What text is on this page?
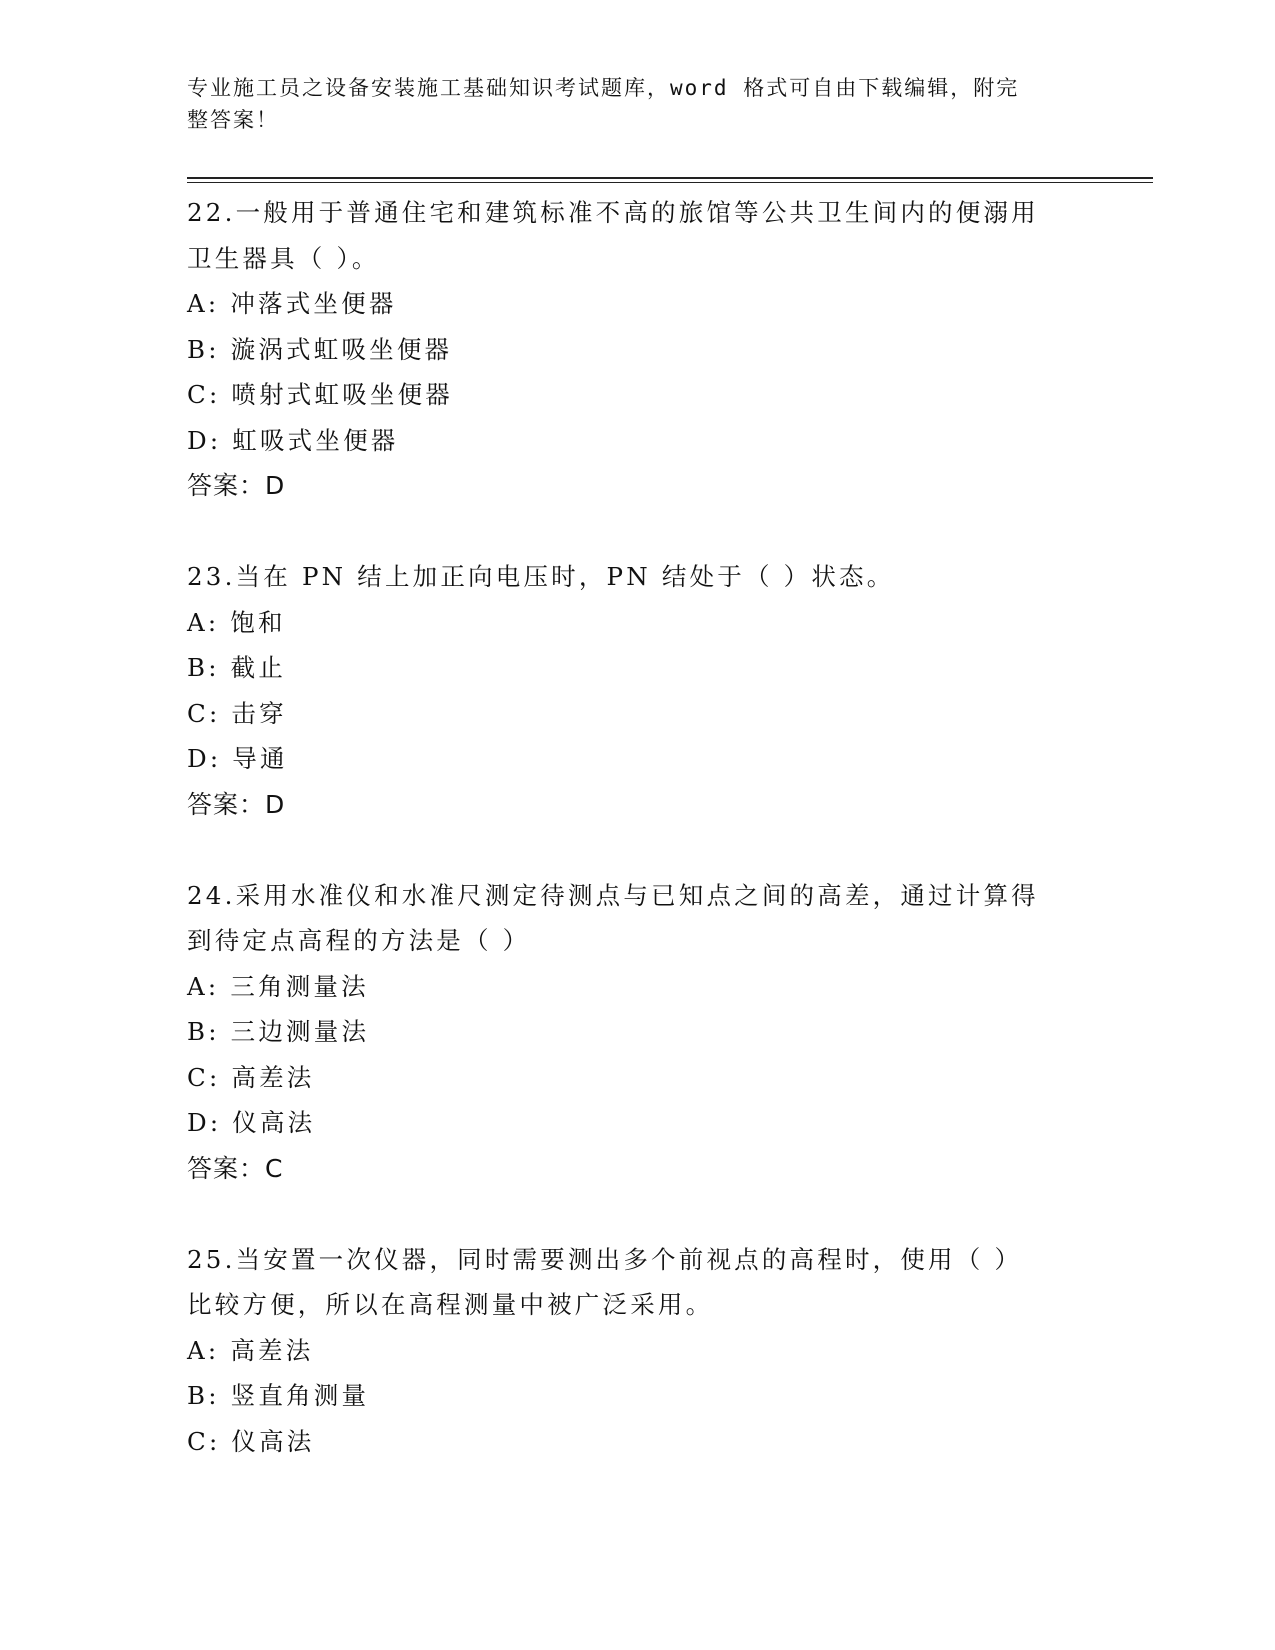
专业施工员之设备安装施工基础知识考试题库，word 格式可自由下载编辑，附完
整答案！
22.一般用于普通住宅和建筑标准不高的旅馆等公共卫生间内的便溺用
卫生器具（ ）。
A: 冲落式坐便器
B: 漩涡式虹吸坐便器
C: 喷射式虹吸坐便器
D: 虹吸式坐便器
答案：D
23.当在 PN 结上加正向电压时，PN 结处于（ ）状态。
A: 饱和
B: 截止
C: 击穿
D: 导通
答案：D
24.采用水准仪和水准尺测定待测点与已知点之间的高差，通过计算得
到待定点高程的方法是（ ）
A: 三角测量法
B: 三边测量法
C: 高差法
D: 仪高法
答案：C
25.当安置一次仪器，同时需要测出多个前视点的高程时，使用（ ）
比较方便，所以在高程测量中被广泛采用。
A: 高差法
B: 竖直角测量
C: 仪高法
